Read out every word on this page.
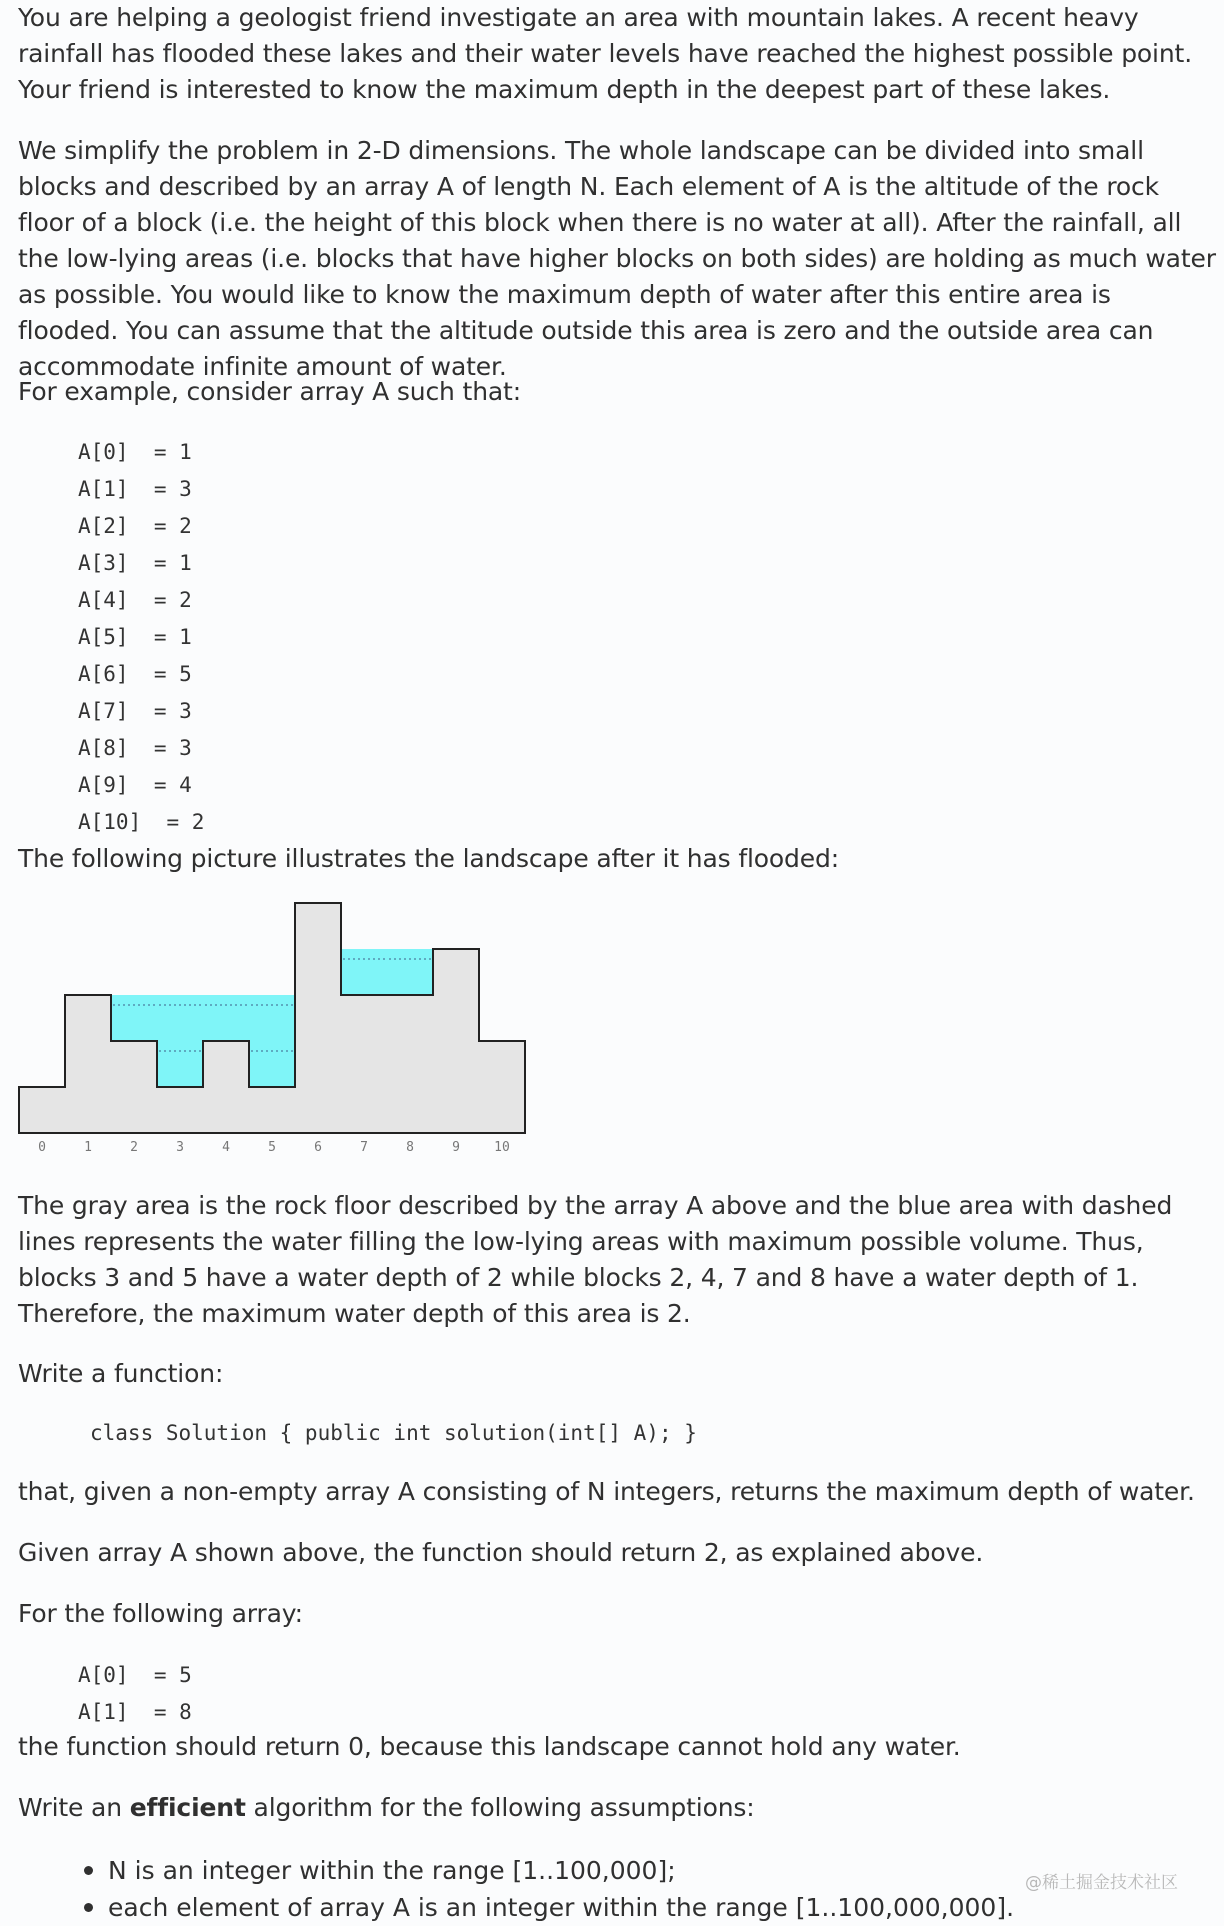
You are helping a geologist friend investigate an area with mountain lakes. A recent heavy rainfall has flooded these lakes and their water levels have reached the highest possible point. Your friend is interested to know the maximum depth in the deepest part of these lakes.

We simplify the problem in 2-D dimensions. The whole landscape can be divided into small blocks and described by an array A of length N. Each element of A is the altitude of the rock floor of a block (i.e. the height of this block when there is no water at all). After the rainfall, all the low-lying areas (i.e. blocks that have higher blocks on both sides) are holding as much water as possible. You would like to know the maximum depth of water after this entire area is flooded. You can assume that the altitude outside this area is zero and the outside area can accommodate infinite amount of water.

For example, consider array A such that:

A[0]  = 1
A[1]  = 3
A[2]  = 2
A[3]  = 1
A[4]  = 2
A[5]  = 1
A[6]  = 5
A[7]  = 3
A[8]  = 3
A[9]  = 4
A[10]  = 2

The following picture illustrates the landscape after it has flooded:

0	1	2	3	4	5	6	7	8	9	10

The gray area is the rock floor described by the array A above and the blue area with dashed lines represents the water filling the low-lying areas with maximum possible volume. Thus, blocks 3 and 5 have a water depth of 2 while blocks 2, 4, 7 and 8 have a water depth of 1. Therefore, the maximum water depth of this area is 2.

Write a function:

class Solution { public int solution(int[] A); }

that, given a non-empty array A consisting of N integers, returns the maximum depth of water.

Given array A shown above, the function should return 2, as explained above.

For the following array:

A[0]  = 5
A[1]  = 8

the function should return 0, because this landscape cannot hold any water.

Write an efficient algorithm for the following assumptions:

N is an integer within the range [1..100,000];
each element of array A is an integer within the range [1..100,000,000].
@稀土掘金技术社区
